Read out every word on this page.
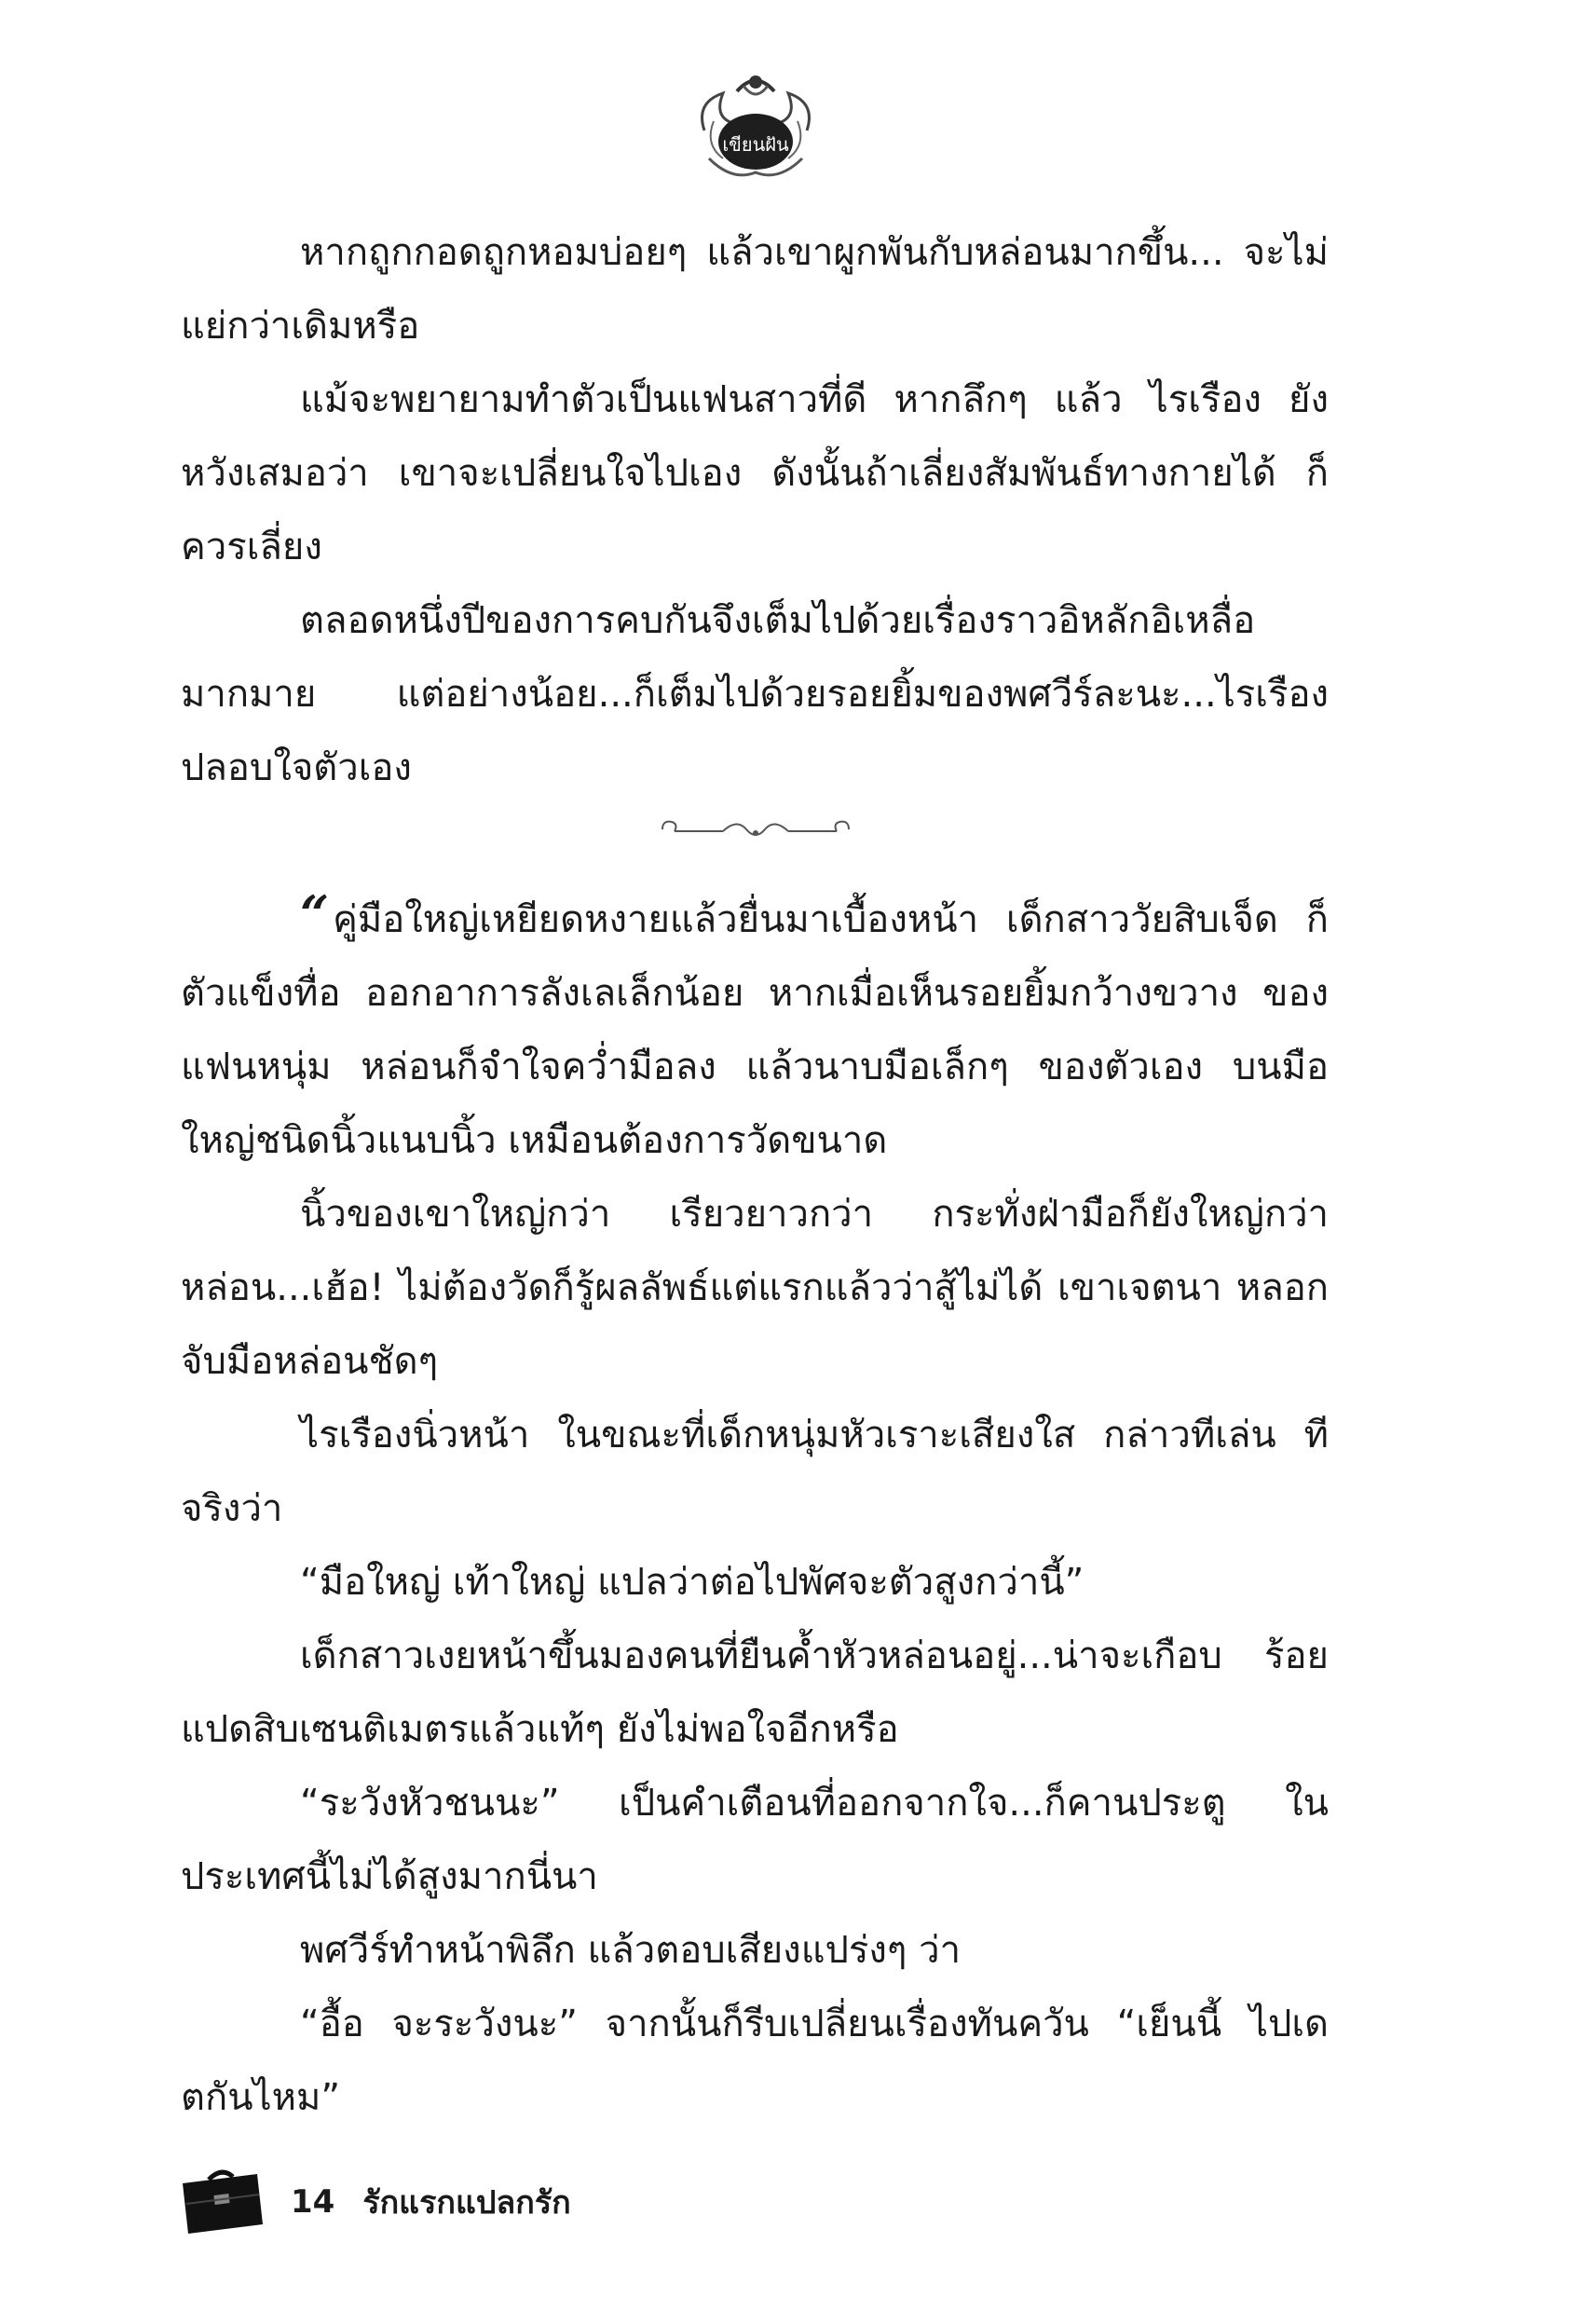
เขียนฝัน

หากถูกกอดถูกหอมบ่อยๆ แล้วเขาผูกพันกับหล่อนมากขึ้น... จะไม่แย่กว่าเดิมหรือ

แม้จะพยายามทำตัวเป็นแฟนสาวที่ดี หากลึกๆ แล้ว ไรเรือง ยังหวังเสมอว่า เขาจะเปลี่ยนใจไปเอง ดังนั้นถ้าเลี่ยงสัมพันธ์ทางกายได้ ก็ควรเลี่ยง

ตลอดหนึ่งปีของการคบกันจึงเต็มไปด้วยเรื่องราวอิหลักอิเหลื่อ มากมาย แต่อย่างน้อย...ก็เต็มไปด้วยรอยยิ้มของพศวีร์ละนะ...ไรเรือง ปลอบใจตัวเอง

“ คู่มือใหญ่เหยียดหงายแล้วยื่นมาเบื้องหน้า เด็กสาววัยสิบเจ็ด ก็ตัวแข็งทื่อ ออกอาการลังเลเล็กน้อย หากเมื่อเห็นรอยยิ้มกว้างขวาง ของแฟนหนุ่ม หล่อนก็จำใจคว่ำมือลง แล้วนาบมือเล็กๆ ของตัวเอง บนมือใหญ่ชนิดนิ้วแนบนิ้ว เหมือนต้องการวัดขนาด

นิ้วของเขาใหญ่กว่า เรียวยาวกว่า กระทั่งฝ่ามือก็ยังใหญ่กว่า หล่อน...เฮ้อ! ไม่ต้องวัดก็รู้ผลลัพธ์แต่แรกแล้วว่าสู้ไม่ได้ เขาเจตนา หลอกจับมือหล่อนชัดๆ

ไรเรืองนิ่วหน้า ในขณะที่เด็กหนุ่มหัวเราะเสียงใส กล่าวทีเล่น ทีจริงว่า

“มือใหญ่ เท้าใหญ่ แปลว่าต่อไปพัศจะตัวสูงกว่านี้”

เด็กสาวเงยหน้าขึ้นมองคนที่ยืนค้ำหัวหล่อนอยู่...น่าจะเกือบ ร้อยแปดสิบเซนติเมตรแล้วแท้ๆ ยังไม่พอใจอีกหรือ

“ระวังหัวชนนะ” เป็นคำเตือนที่ออกจากใจ...ก็คานประตู ในประเทศนี้ไม่ได้สูงมากนี่นา

พศวีร์ทำหน้าพิลึก แล้วตอบเสียงแปร่งๆ ว่า

“อื้อ จะระวังนะ” จากนั้นก็รีบเปลี่ยนเรื่องทันควัน “เย็นนี้ ไปเดตกันไหม”

14 รักแรกแปลกรัก
